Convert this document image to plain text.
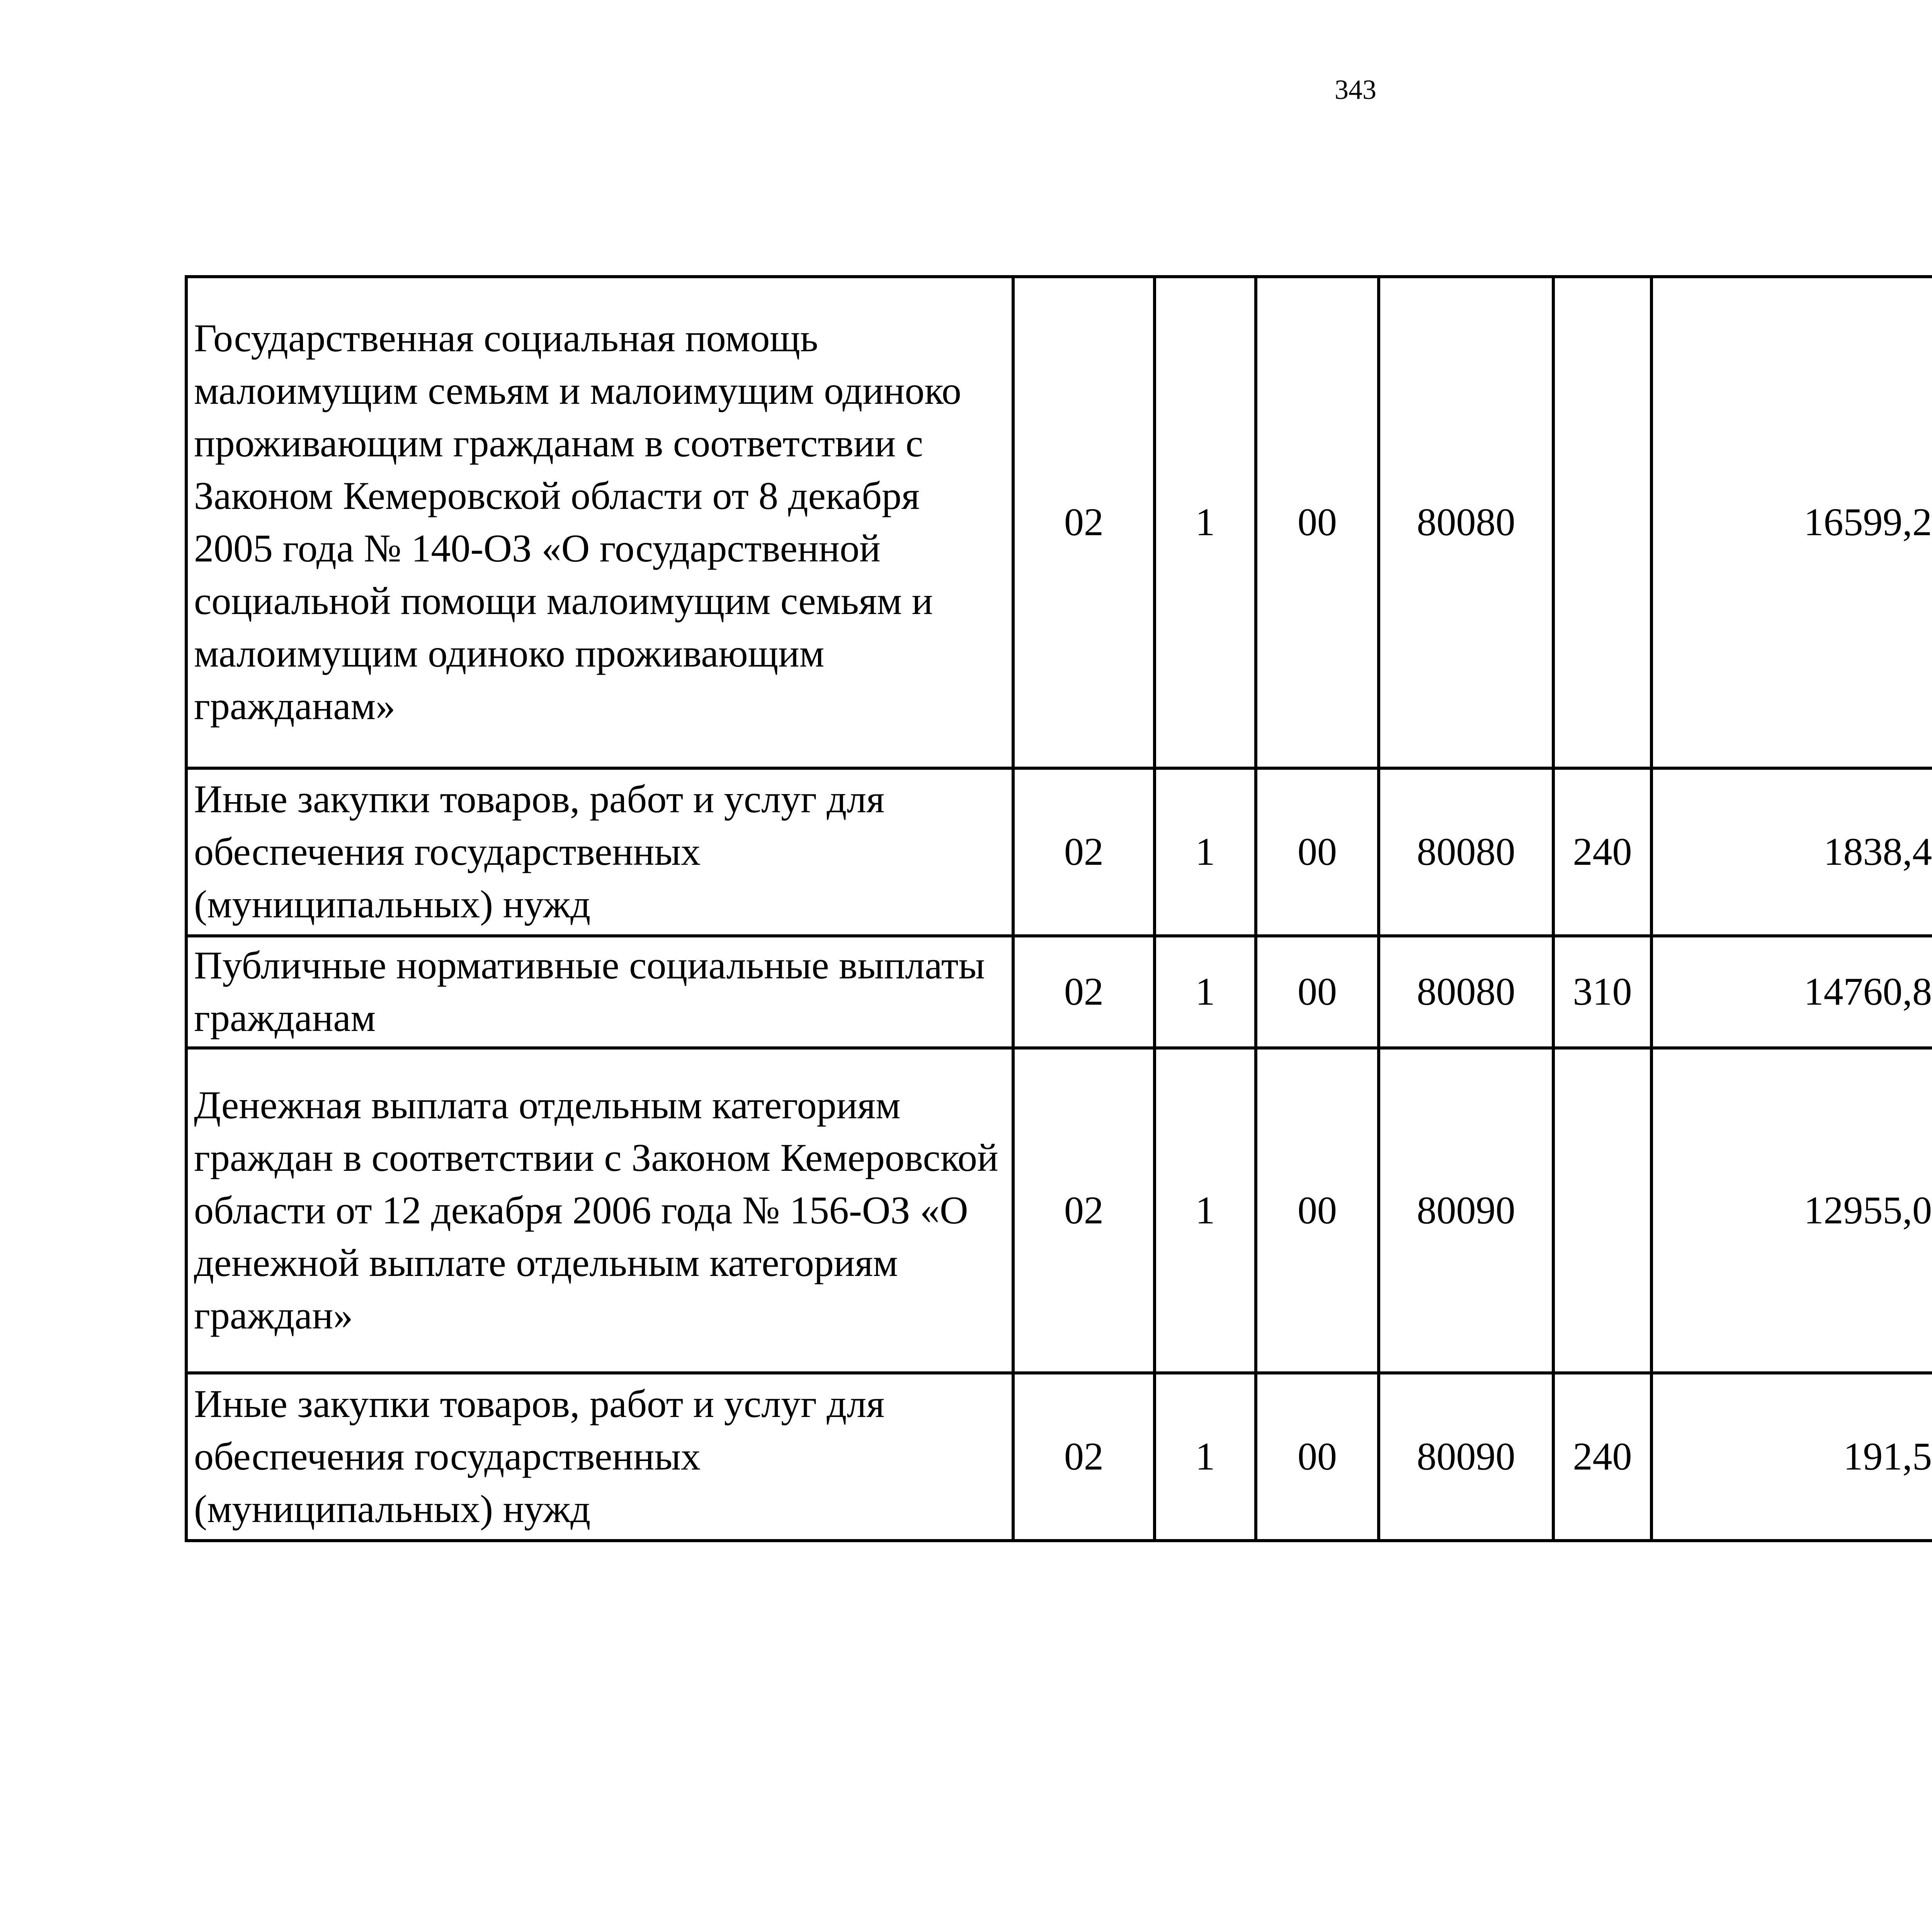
343
Государственная социальная помощь малоимущим семьям и малоимущим одиноко проживающим гражданам в соответствии с Законом Кемеровской области от 8 декабря 2005 года № 140-ОЗ «О государственной социальной помощи малоимущим семьям и малоимущим одиноко проживающим гражданам»	02	1	00	80080		16599,2		
Иные закупки товаров, работ и услуг для обеспечения государственных (муниципальных) нужд	02	1	00	80080	240	1838,4		
Публичные нормативные социальные выплаты гражданам	02	1	00	80080	310	14760,8		
Денежная выплата отдельным категориям граждан в соответствии с Законом Кемеровской области от 12 декабря 2006 года № 156-ОЗ «О денежной выплате отдельным категориям граждан»	02	1	00	80090		12955,0		
Иные закупки товаров, работ и услуг для обеспечения государственных (муниципальных) нужд	02	1	00	80090	240	191,5		
